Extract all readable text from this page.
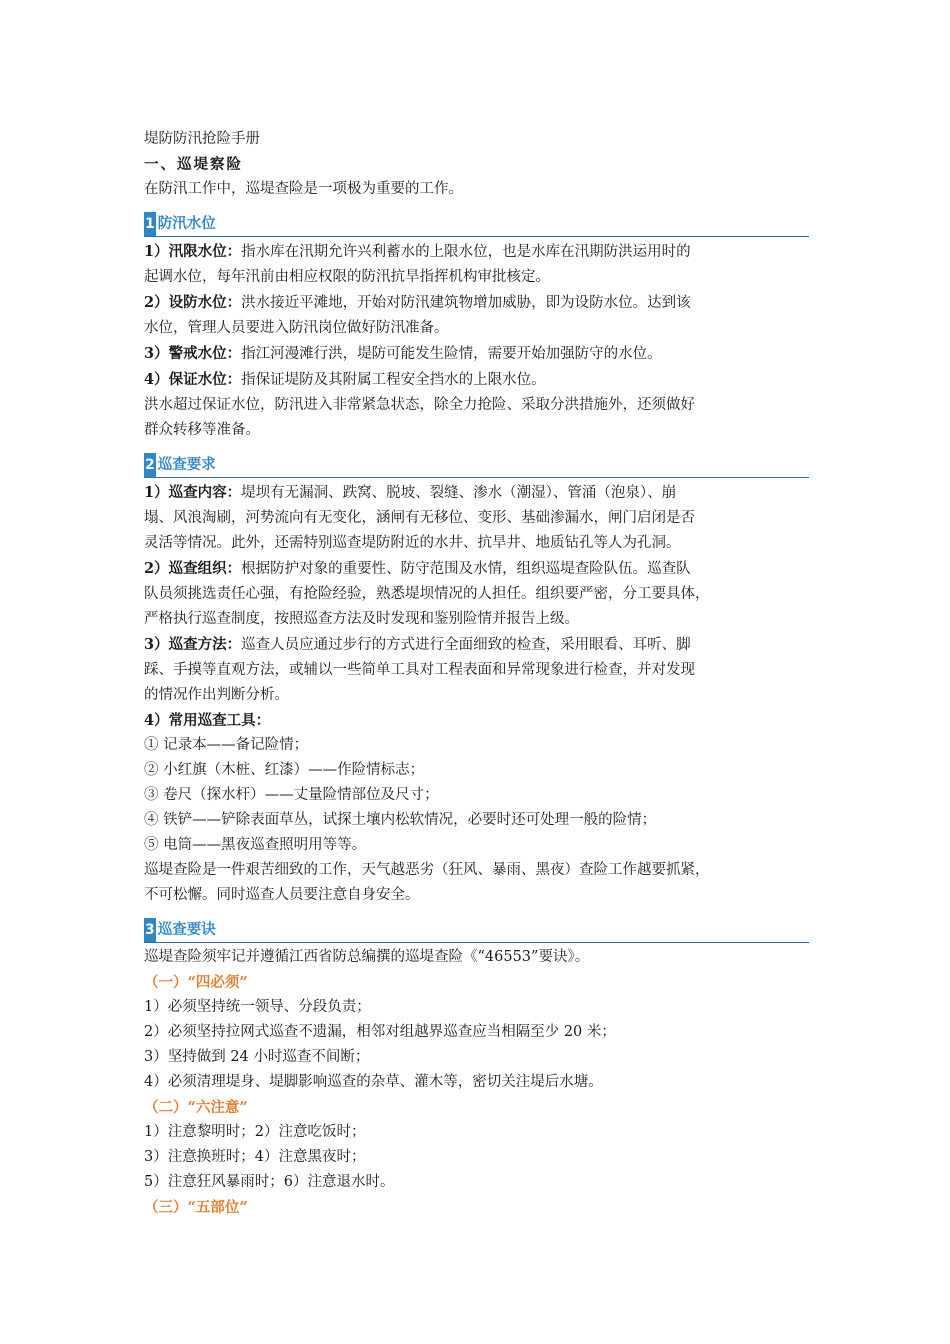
堤防防汛抢险手册
一、巡堤察险
在防汛工作中，巡堤查险是一项极为重要的工作。
1 防汛水位
1）汛限水位：指水库在汛期允许兴利蓄水的上限水位，也是水库在汛期防洪运用时的
起调水位，每年汛前由相应权限的防汛抗旱指挥机构审批核定。
2）设防水位：洪水接近平滩地，开始对防汛建筑物增加威胁，即为设防水位。达到该
水位，管理人员要进入防汛岗位做好防汛准备。
3）警戒水位：指江河漫滩行洪，堤防可能发生险情，需要开始加强防守的水位。
4）保证水位：指保证堤防及其附属工程安全挡水的上限水位。
洪水超过保证水位，防汛进入非常紧急状态，除全力抢险、采取分洪措施外，还须做好
群众转移等准备。
2 巡查要求
1）巡查内容：堤坝有无漏洞、跌窝、脱坡、裂缝、渗水（潮湿）、管涌（泡泉）、崩
塌、风浪淘刷，河势流向有无变化，涵闸有无移位、变形、基础渗漏水，闸门启闭是否
灵活等情况。此外，还需特别巡查堤防附近的水井、抗旱井、地质钻孔等人为孔洞。
2）巡查组织：根据防护对象的重要性、防守范围及水情，组织巡堤查险队伍。巡查队
队员须挑选责任心强，有抢险经验，熟悉堤坝情况的人担任。组织要严密，分工要具体，
严格执行巡查制度，按照巡查方法及时发现和鉴别险情并报告上级。
3）巡查方法：巡查人员应通过步行的方式进行全面细致的检查，采用眼看、耳听、脚
踩、手摸等直观方法，或辅以一些简单工具对工程表面和异常现象进行检查，并对发现
的情况作出判断分析。
4）常用巡查工具：
① 记录本——备记险情；
② 小红旗（木桩、红漆）——作险情标志；
③ 卷尺（探水杆）——丈量险情部位及尺寸；
④ 铁铲——铲除表面草丛，试探土壤内松软情况，必要时还可处理一般的险情；
⑤ 电筒——黑夜巡查照明用等等。
巡堤查险是一件艰苦细致的工作，天气越恶劣（狂风、暴雨、黑夜）查险工作越要抓紧，
不可松懈。同时巡查人员要注意自身安全。
3 巡查要诀
巡堤查险须牢记并遵循江西省防总编撰的巡堤查险《“46553”要诀》。
（一）“四必须”
1）必须坚持统一领导、分段负责；
2）必须坚持拉网式巡查不遗漏，相邻对组越界巡查应当相隔至少 20 米；
3）坚持做到 24 小时巡查不间断；
4）必须清理堤身、堤脚影响巡查的杂草、灌木等，密切关注堤后水塘。
（二）“六注意”
1）注意黎明时；2）注意吃饭时；
3）注意换班时；4）注意黑夜时；
5）注意狂风暴雨时；6）注意退水时。
（三）“五部位”
